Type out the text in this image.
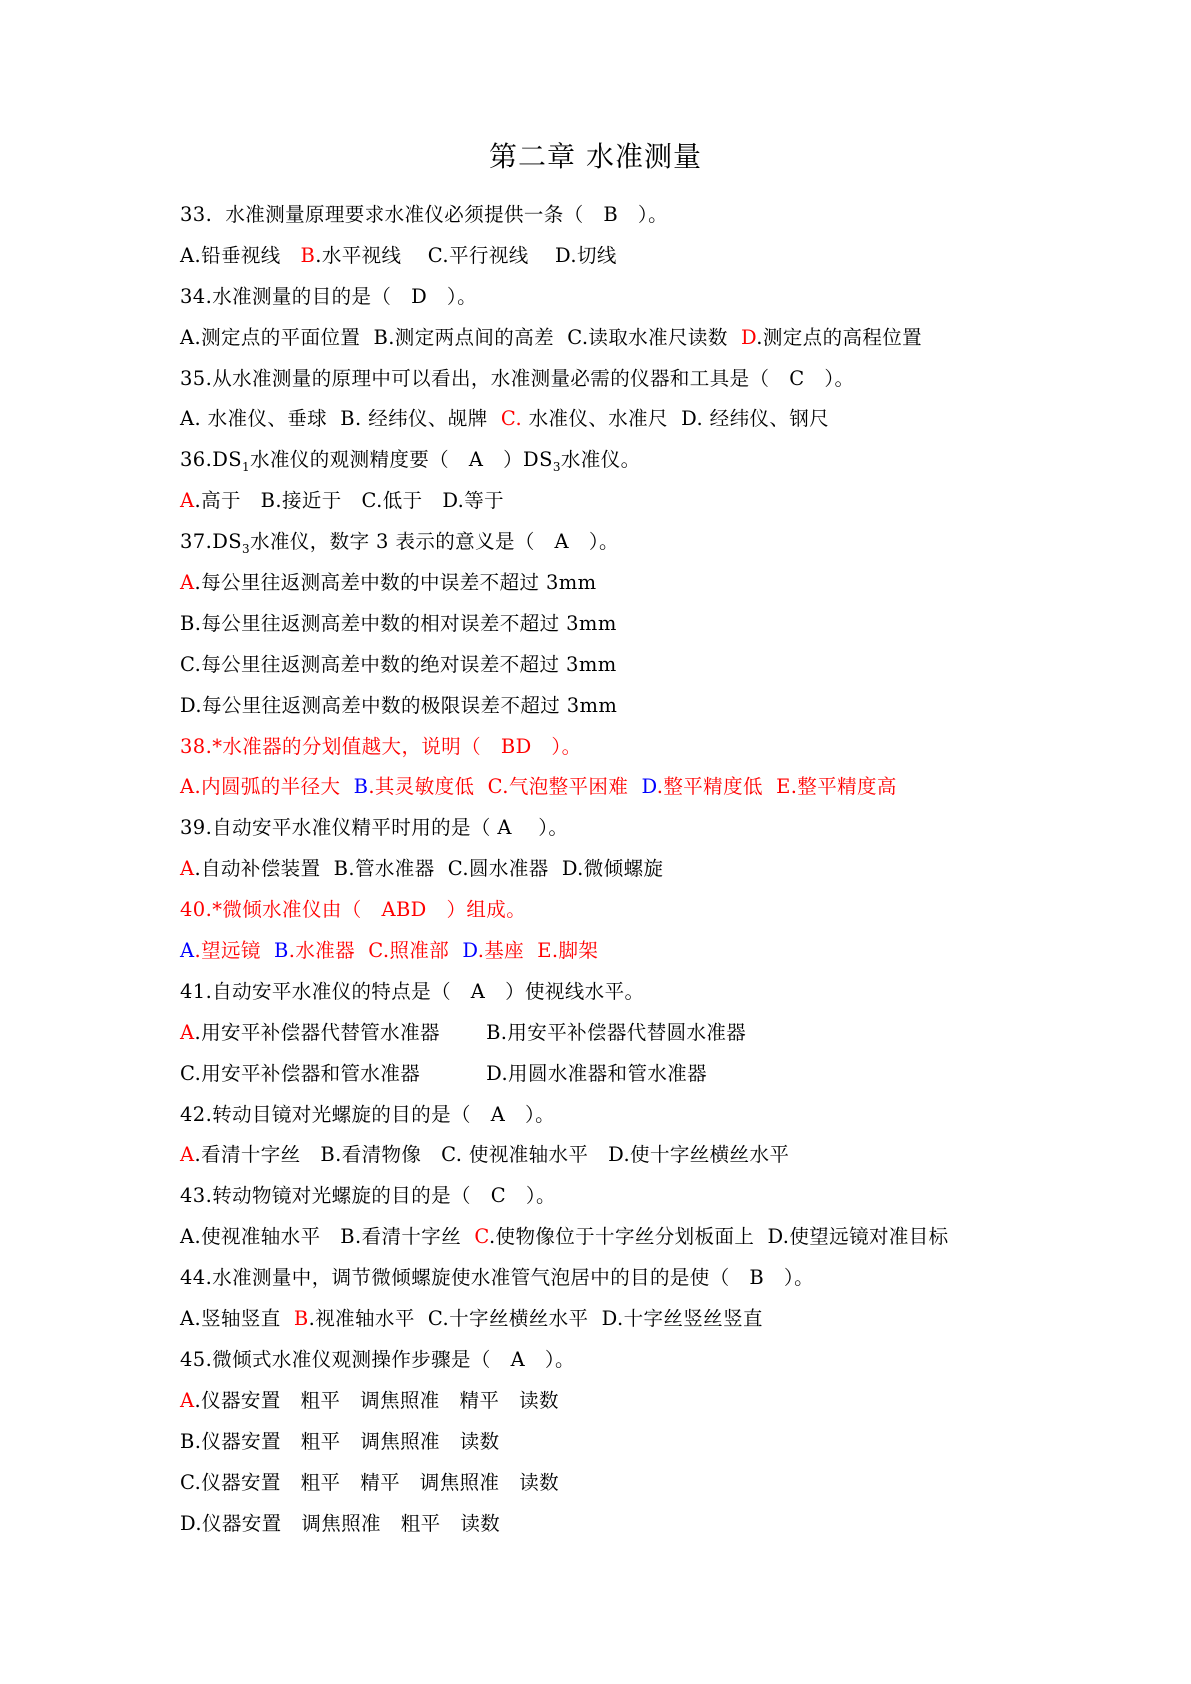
第二章 水准测量
33.  水准测量原理要求水准仪必须提供一条（   B   ）。
A.铅垂视线   B.水平视线    C.平行视线    D.切线
34.水准测量的目的是（   D   ）。
A.测定点的平面位置  B.测定两点间的高差  C.读取水准尺读数  D.测定点的高程位置
35.从水准测量的原理中可以看出，水准测量必需的仪器和工具是（   C   ）。
A. 水准仪、垂球  B. 经纬仪、觇牌  C. 水准仪、水准尺  D. 经纬仪、钢尺
$36.DS_1$水准仪的观测精度要（   A   ）$DS_3$水准仪。
A.高于   B.接近于   C.低于   D.等于
$37.DS_3$水准仪，数字 3 表示的意义是（   A   ）。
A.每公里往返测高差中数的中误差不超过 3mm
B.每公里往返测高差中数的相对误差不超过 3mm
C.每公里往返测高差中数的绝对误差不超过 3mm
D.每公里往返测高差中数的极限误差不超过 3mm
38.*水准器的分划值越大，说明（   BD   ）。
A.内圆弧的半径大  B.其灵敏度低  C.气泡整平困难  D.整平精度低  E.整平精度高
39.自动安平水准仪精平时用的是（ A    ）。
A.自动补偿装置  B.管水准器  C.圆水准器  D.微倾螺旋
40.*微倾水准仪由（   ABD   ）组成。
A.望远镜  B.水准器  C.照准部  D.基座  E.脚架
41.自动安平水准仪的特点是（   A   ）使视线水平。
A.用安平补偿器代替管水准器       B.用安平补偿器代替圆水准器
C.用安平补偿器和管水准器          D.用圆水准器和管水准器
42.转动目镜对光螺旋的目的是（   A   ）。
A.看清十字丝   B.看清物像   C. 使视准轴水平   D.使十字丝横丝水平
43.转动物镜对光螺旋的目的是（   C   ）。
A.使视准轴水平   B.看清十字丝  C.使物像位于十字丝分划板面上  D.使望远镜对准目标
44.水准测量中，调节微倾螺旋使水准管气泡居中的目的是使（   B   ）。
A.竖轴竖直  B.视准轴水平  C.十字丝横丝水平  D.十字丝竖丝竖直
45.微倾式水准仪观测操作步骤是（   A   ）。
A.仪器安置   粗平   调焦照准   精平   读数
B.仪器安置   粗平   调焦照准   读数
C.仪器安置   粗平   精平   调焦照准   读数
D.仪器安置   调焦照准   粗平   读数
